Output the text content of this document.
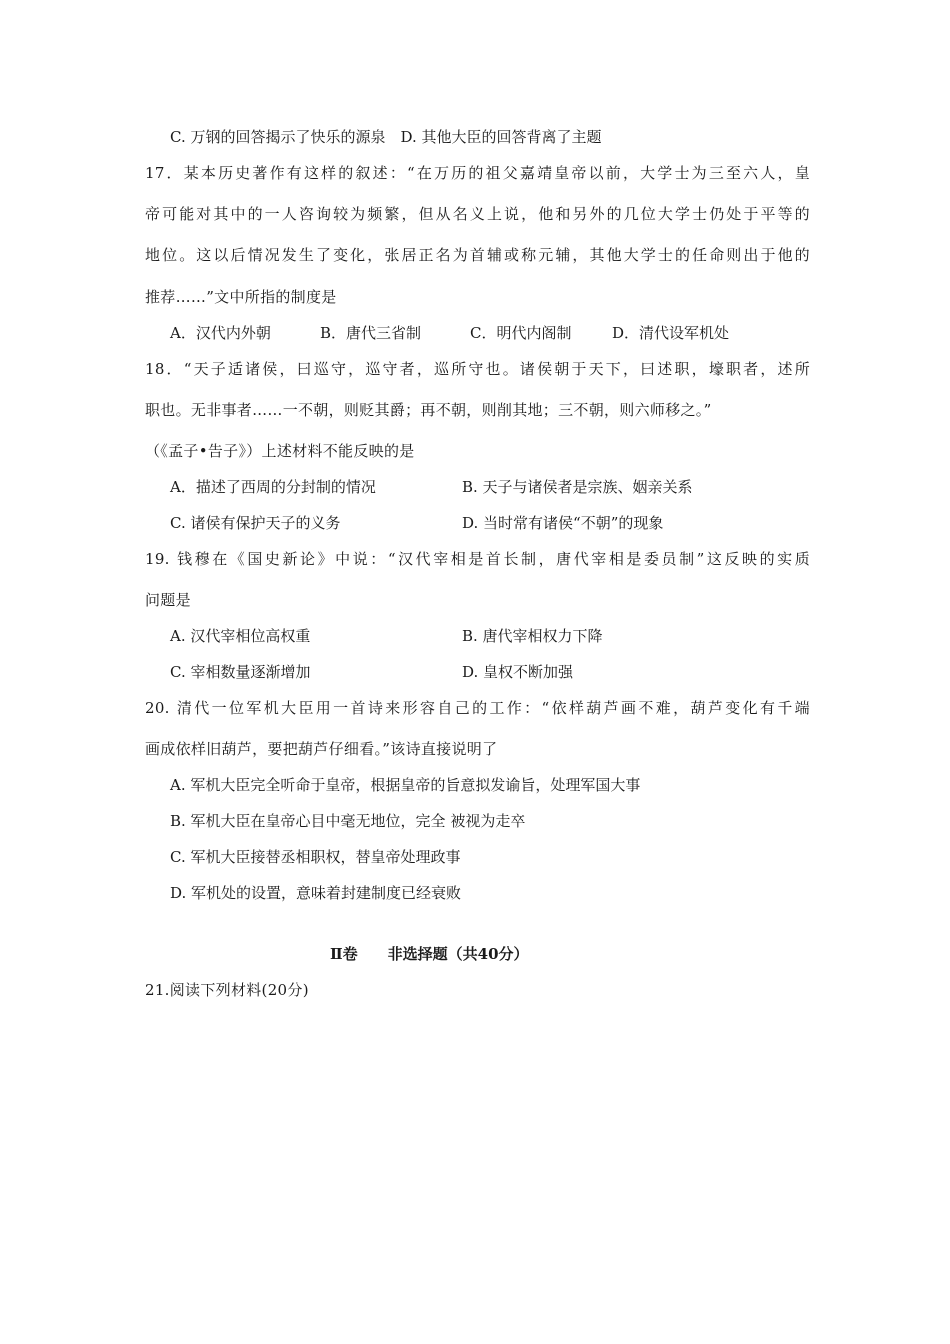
C. 万钢的回答揭示了快乐的源泉　D. 其他大臣的回答背离了主题
17．某本历史著作有这样的叙述：“在万历的祖父嘉靖皇帝以前，大学士为三至六人，皇
帝可能对其中的一人咨询较为频繁，但从名义上说，他和另外的几位大学士仍处于平等的
地位。这以后情况发生了变化，张居正名为首辅或称元辅，其他大学士的任命则出于他的
推荐……”文中所指的制度是
A．汉代内外朝	B．唐代三省制	C．明代内阁制	D．清代设军机处
18．“天子适诸侯，曰巡守，巡守者，巡所守也。诸侯朝于天下，曰述职，壕职者，述所
职也。无非事者……一不朝，则贬其爵；再不朝，则削其地；三不朝，则六师移之。”
（《孟子•告子》）上述材料不能反映的是
A．描述了西周的分封制的情况	B. 天子与诸侯者是宗族、姻亲关系
C. 诸侯有保护天子的义务	D. 当时常有诸侯“不朝”的现象
19. 钱穆在《国史新论》中说：“汉代宰相是首长制，唐代宰相是委员制”这反映的实质
问题是
A. 汉代宰相位高权重	B. 唐代宰相权力下降
C. 宰相数量逐渐增加	D. 皇权不断加强
20. 清代一位军机大臣用一首诗来形容自己的工作：“依样葫芦画不难，葫芦变化有千端
画成依样旧葫芦，要把葫芦仔细看。”该诗直接说明了
A. 军机大臣完全听命于皇帝，根据皇帝的旨意拟发谕旨，处理军国大事
B. 军机大臣在皇帝心目中毫无地位，完全 被视为走卒
C. 军机大臣接替丞相职权，替皇帝处理政事
D. 军机处的设置，意味着封建制度已经衰败
Ⅱ卷　　非选择题（共40分）
21.阅读下列材料(20分)
